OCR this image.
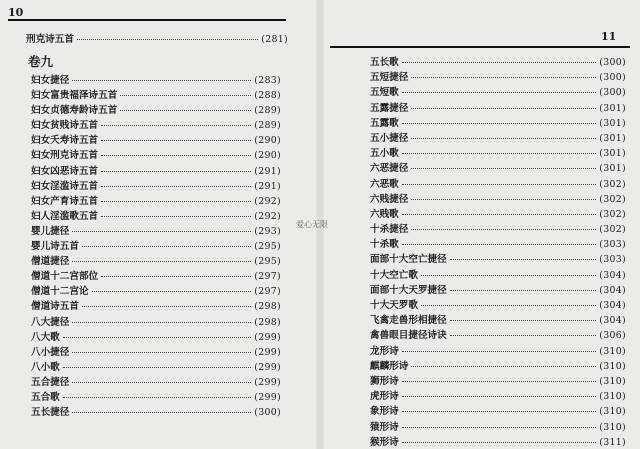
10
刑克诗五首	(281)
卷九
妇女捷径	(283)
妇女富贵福泽诗五首	(288)
妇女贞德寿龄诗五首	(289)
妇女贫贱诗五首	(289)
妇女夭寿诗五首	(290)
妇女刑克诗五首	(290)
妇女凶恶诗五首	(291)
妇女淫滥诗五首	(291)
妇女产育诗五首	(292)
妇人淫滥歌五首	(292)
婴儿捷径	(293)
婴儿诗五首	(295)
僧道捷径	(295)
僧道十二宫部位	(297)
僧道十二宫论	(297)
僧道诗五首	(298)
八大捷径	(298)
八大歌	(299)
八小捷径	(299)
八小歌	(299)
五合捷径	(299)
五合歌	(299)
五长捷径	(300)
11
五长歌	(300)
五短捷径	(300)
五短歌	(300)
五露捷径	(301)
五露歌	(301)
五小捷径	(301)
五小歌	(301)
六恶捷径	(301)
六恶歌	(302)
六贱捷径	(302)
六贱歌	(302)
十杀捷径	(302)
十杀歌	(303)
面部十大空亡捷径	(303)
十大空亡歌	(304)
面部十大天罗捷径	(304)
十大天罗歌	(304)
飞禽走兽形相捷径	(304)
禽兽眼目捷径诗诀	(306)
龙形诗	(310)
麒麟形诗	(310)
狮形诗	(310)
虎形诗	(310)
象形诗	(310)
猿形诗	(310)
猴形诗	(311)
爱心无限
